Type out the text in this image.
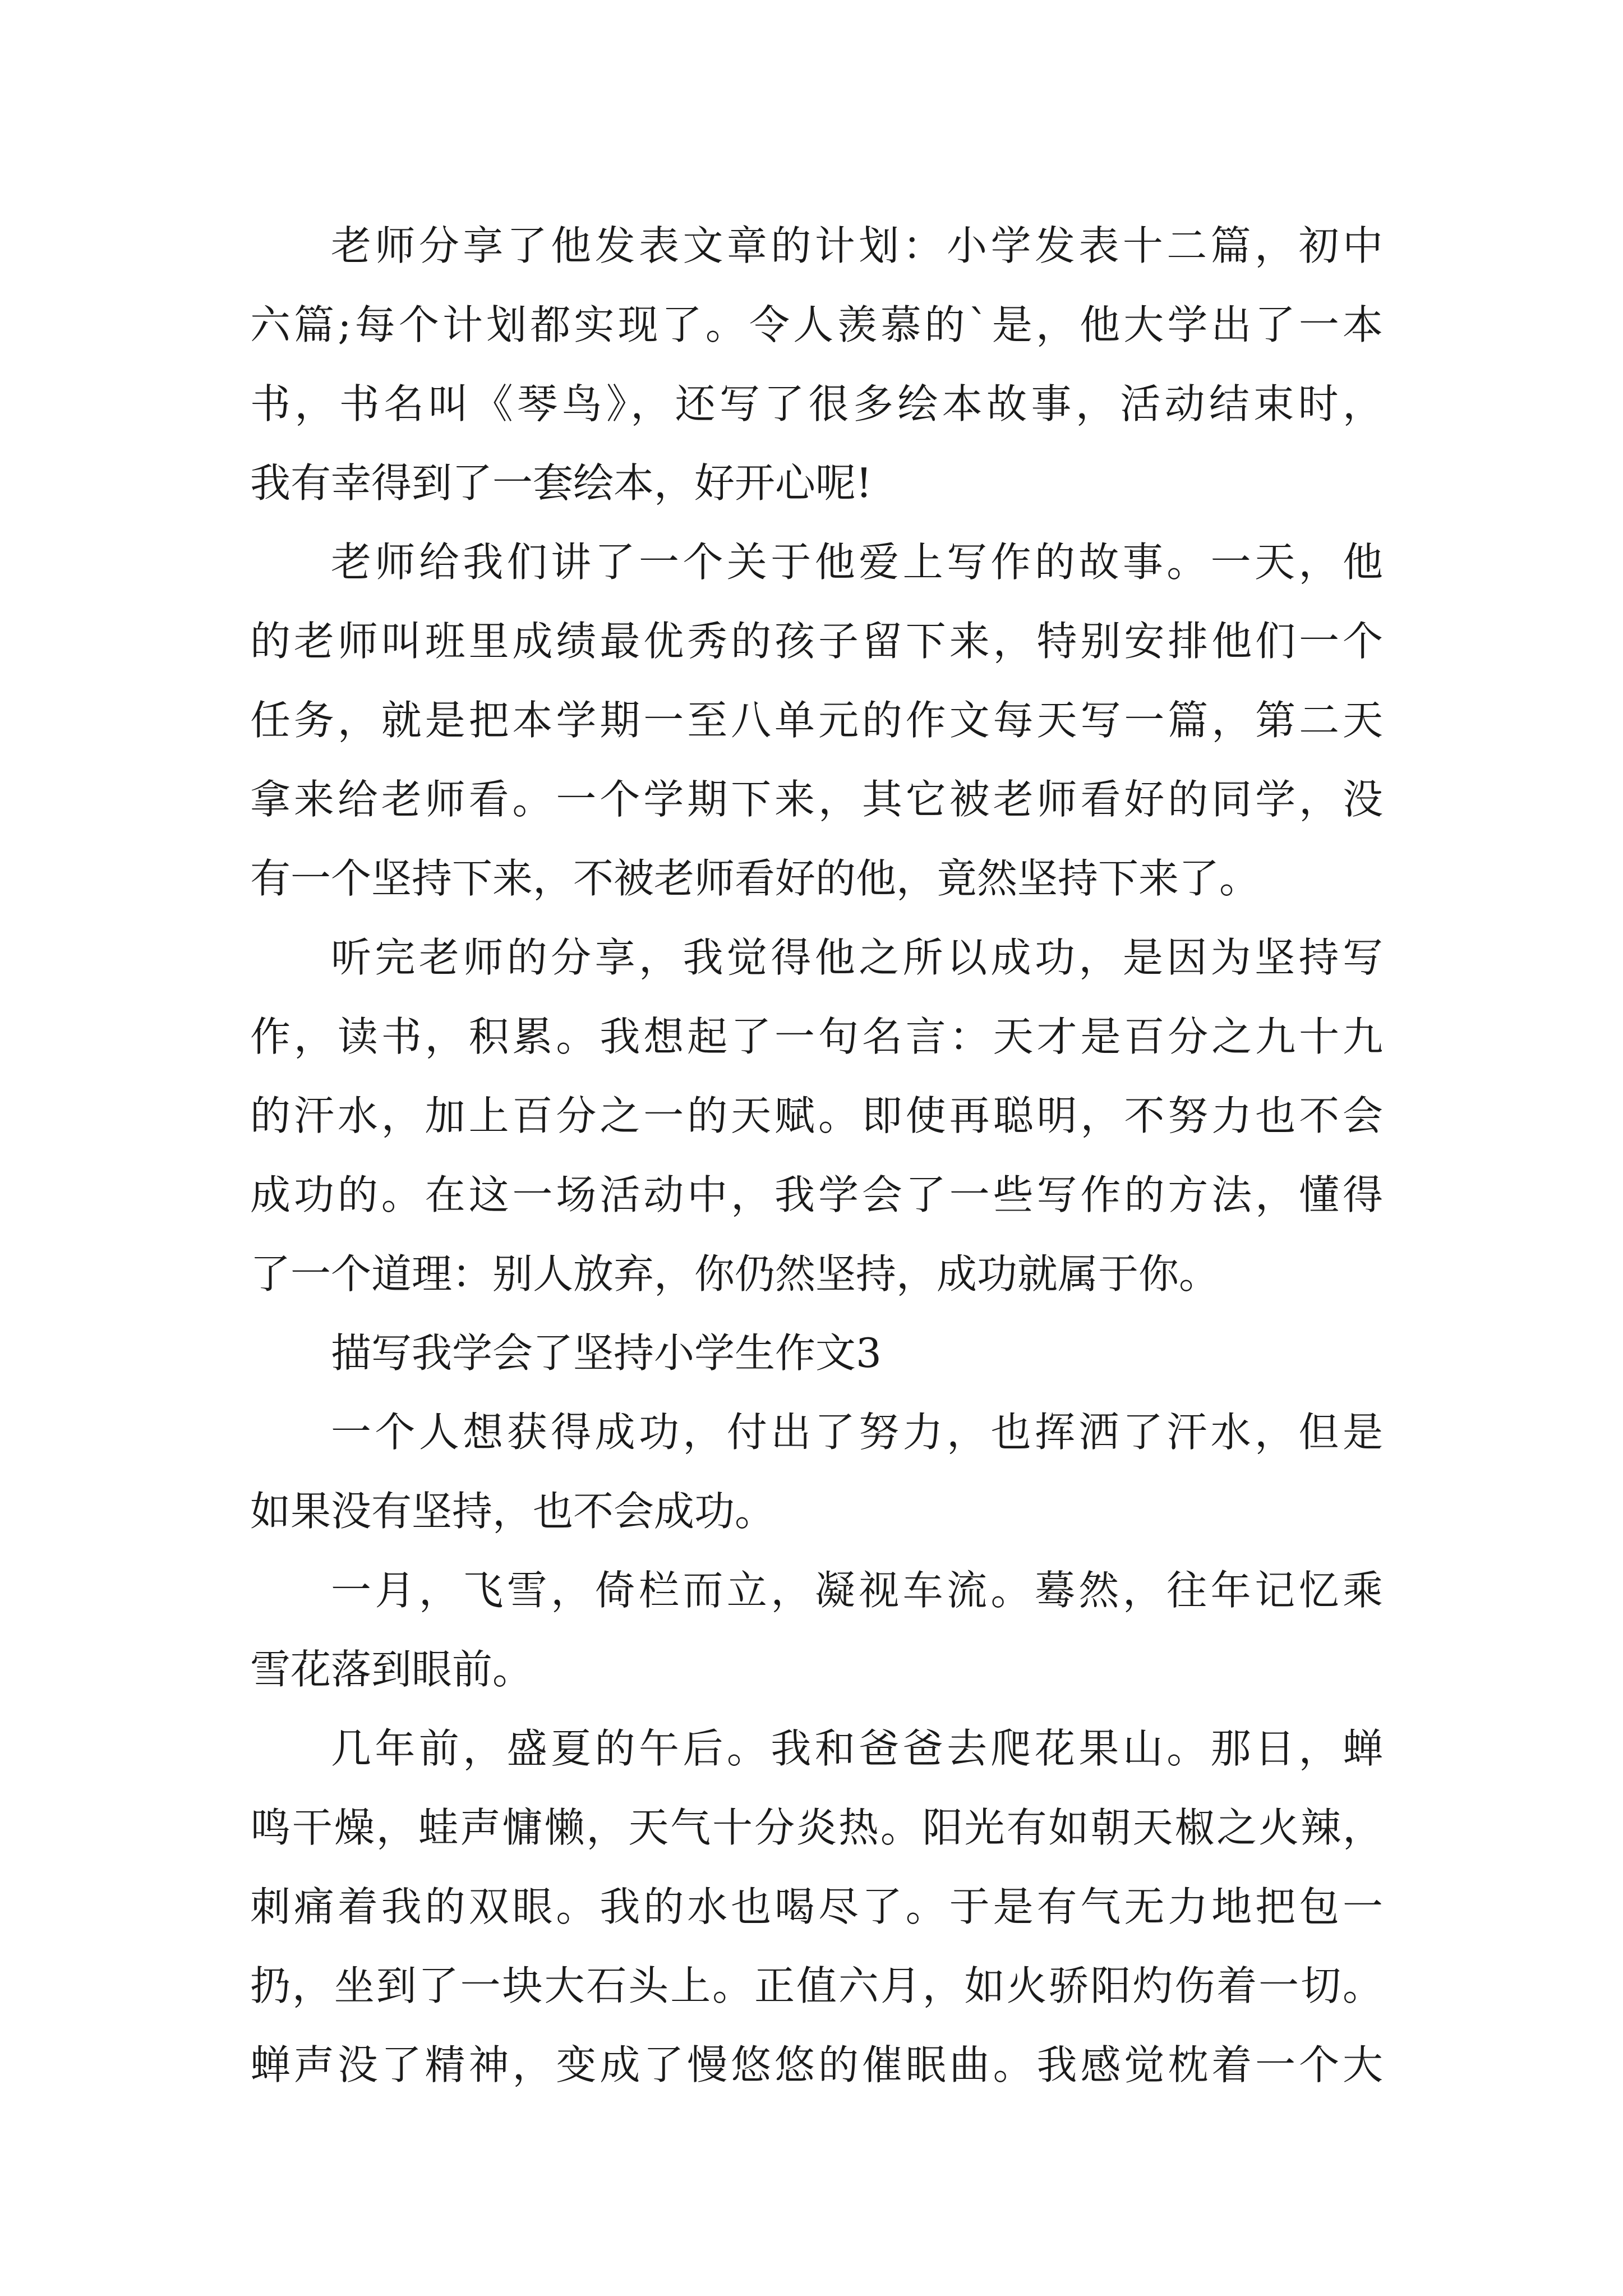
老师分享了他发表文章的计划：小学发表十二篇，初中
六篇;每个计划都实现了。令人羡慕的`是，他大学出了一本
书，书名叫《琴鸟》，还写了很多绘本故事，活动结束时，
我有幸得到了一套绘本，好开心呢!
老师给我们讲了一个关于他爱上写作的故事。一天，他
的老师叫班里成绩最优秀的孩子留下来，特别安排他们一个
任务，就是把本学期一至八单元的作文每天写一篇，第二天
拿来给老师看。一个学期下来，其它被老师看好的同学，没
有一个坚持下来，不被老师看好的他，竟然坚持下来了。
听完老师的分享，我觉得他之所以成功，是因为坚持写
作，读书，积累。我想起了一句名言：天才是百分之九十九
的汗水，加上百分之一的天赋。即使再聪明，不努力也不会
成功的。在这一场活动中，我学会了一些写作的方法，懂得
了一个道理：别人放弃，你仍然坚持，成功就属于你。
描写我学会了坚持小学生作文3
一个人想获得成功，付出了努力，也挥洒了汗水，但是
如果没有坚持，也不会成功。
一月，飞雪，倚栏而立，凝视车流。蓦然，往年记忆乘
雪花落到眼前。
几年前，盛夏的午后。我和爸爸去爬花果山。那日，蝉
鸣干燥，蛙声慵懒，天气十分炎热。阳光有如朝天椒之火辣，
刺痛着我的双眼。我的水也喝尽了。于是有气无力地把包一
扔，坐到了一块大石头上。正值六月，如火骄阳灼伤着一切。
蝉声没了精神，变成了慢悠悠的催眠曲。我感觉枕着一个大
